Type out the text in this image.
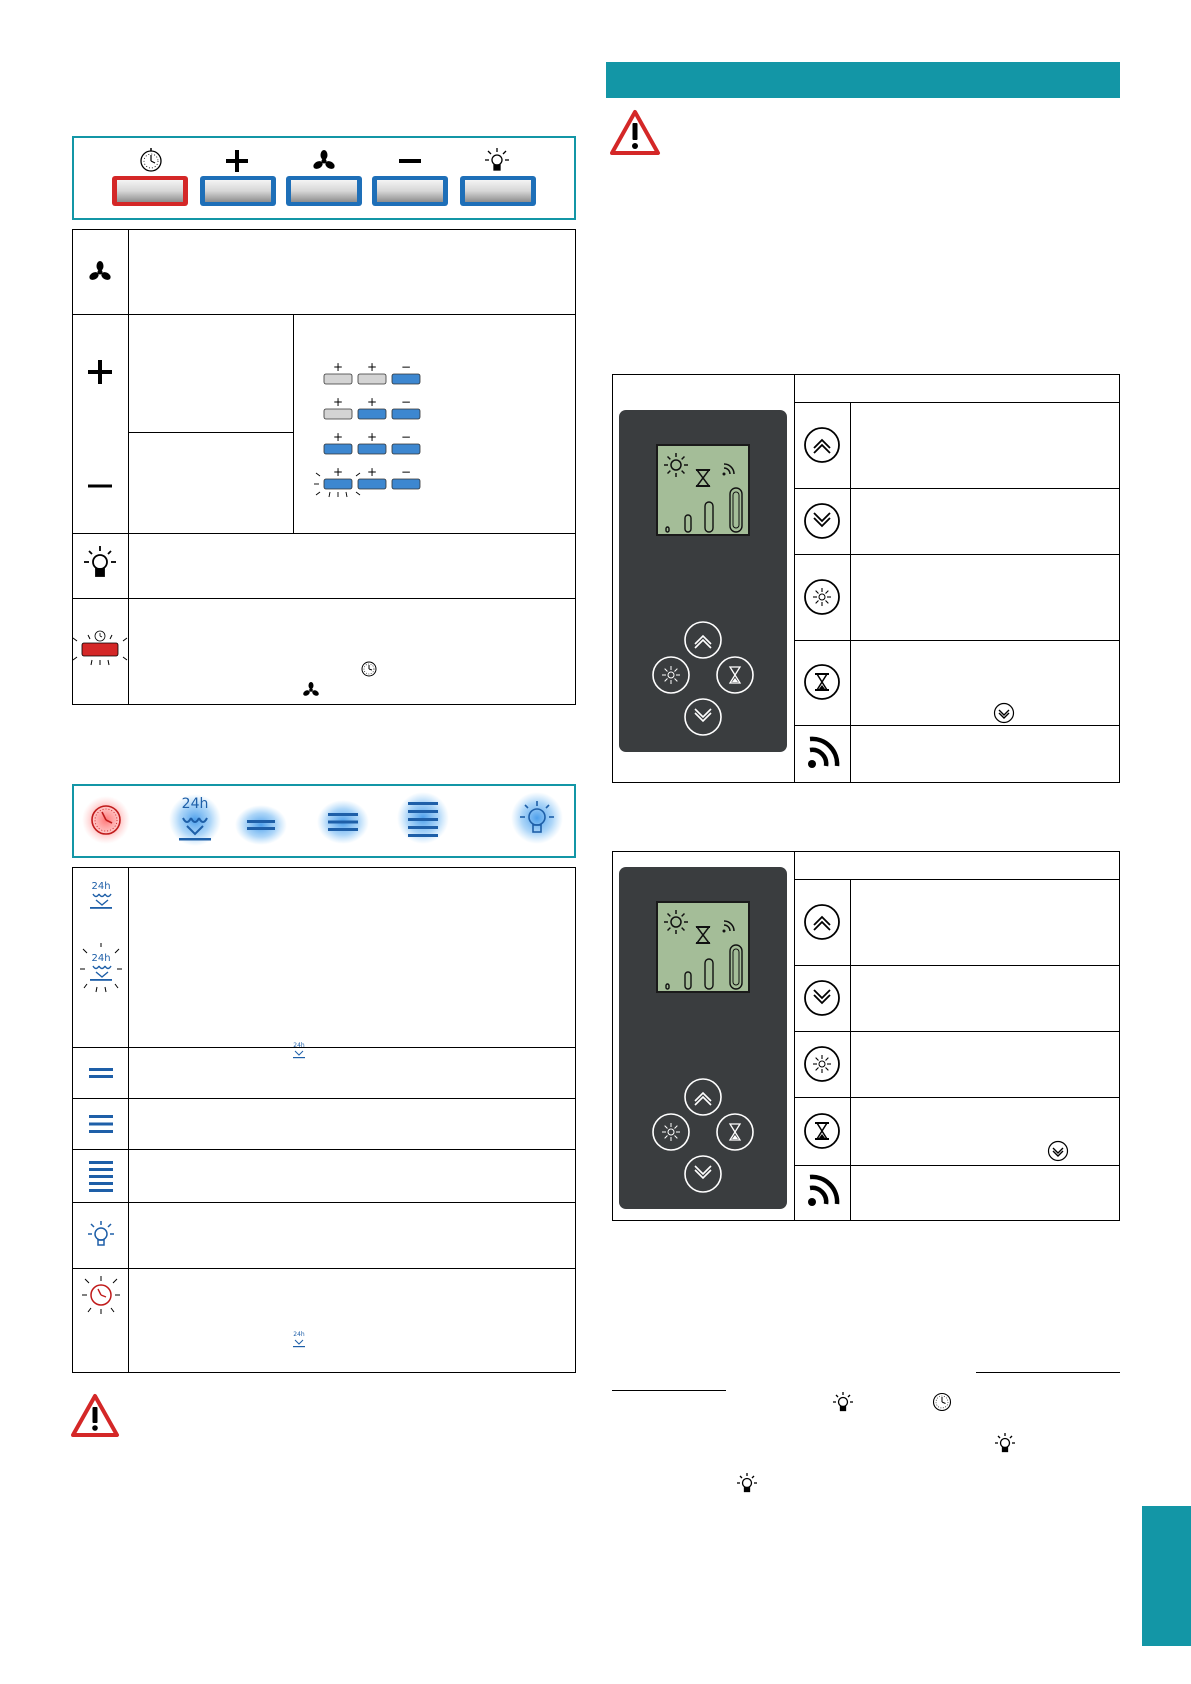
+ + −
+ + −
+ + −
+ + −
24h
24h
24h
24h
24h
